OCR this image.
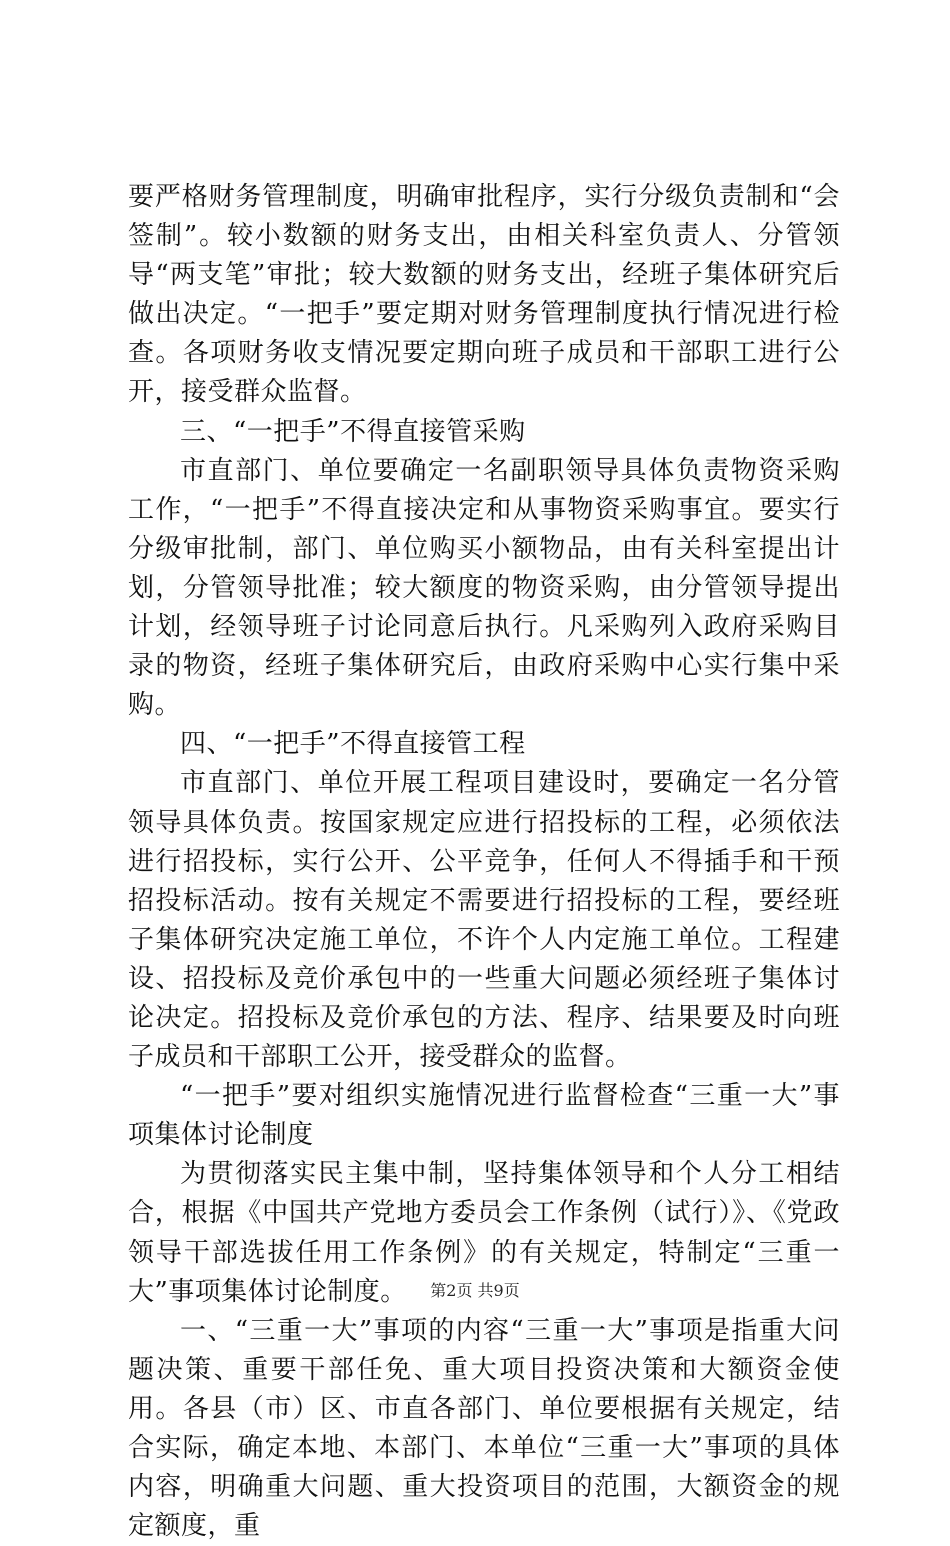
要严格财务管理制度，明确审批程序，实行分级负责制和“会签制”。较小数额的财务支出，由相关科室负责人、分管领导“两支笔”审批；较大数额的财务支出，经班子集体研究后做出决定。“一把手”要定期对财务管理制度执行情况进行检查。各项财务收支情况要定期向班子成员和干部职工进行公开，接受群众监督。

三、“一把手”不得直接管采购

市直部门、单位要确定一名副职领导具体负责物资采购工作，“一把手”不得直接决定和从事物资采购事宜。要实行分级审批制，部门、单位购买小额物品，由有关科室提出计划，分管领导批准；较大额度的物资采购，由分管领导提出计划，经领导班子讨论同意后执行。凡采购列入政府采购目录的物资，经班子集体研究后，由政府采购中心实行集中采购。

四、“一把手”不得直接管工程

市直部门、单位开展工程项目建设时，要确定一名分管领导具体负责。按国家规定应进行招投标的工程，必须依法进行招投标，实行公开、公平竞争，任何人不得插手和干预招投标活动。按有关规定不需要进行招投标的工程，要经班子集体研究决定施工单位，不许个人内定施工单位。工程建设、招投标及竞价承包中的一些重大问题必须经班子集体讨论决定。招投标及竞价承包的方法、程序、结果要及时向班子成员和干部职工公开，接受群众的监督。

“一把手”要对组织实施情况进行监督检查“三重一大”事项集体讨论制度

为贯彻落实民主集中制，坚持集体领导和个人分工相结合，根据《中国共产党地方委员会工作条例（试行）》、《党政领导干部选拔任用工作条例》的有关规定，特制定“三重一大”事项集体讨论制度。

一、“三重一大”事项的内容“三重一大”事项是指重大问题决策、重要干部任免、重大项目投资决策和大额资金使用。各县（市）区、市直各部门、单位要根据有关规定，结合实际，确定本地、本部门、本单位“三重一大”事项的具体内容，明确重大问题、重大投资项目的范围，大额资金的规定额度，重

第2页 共9页
